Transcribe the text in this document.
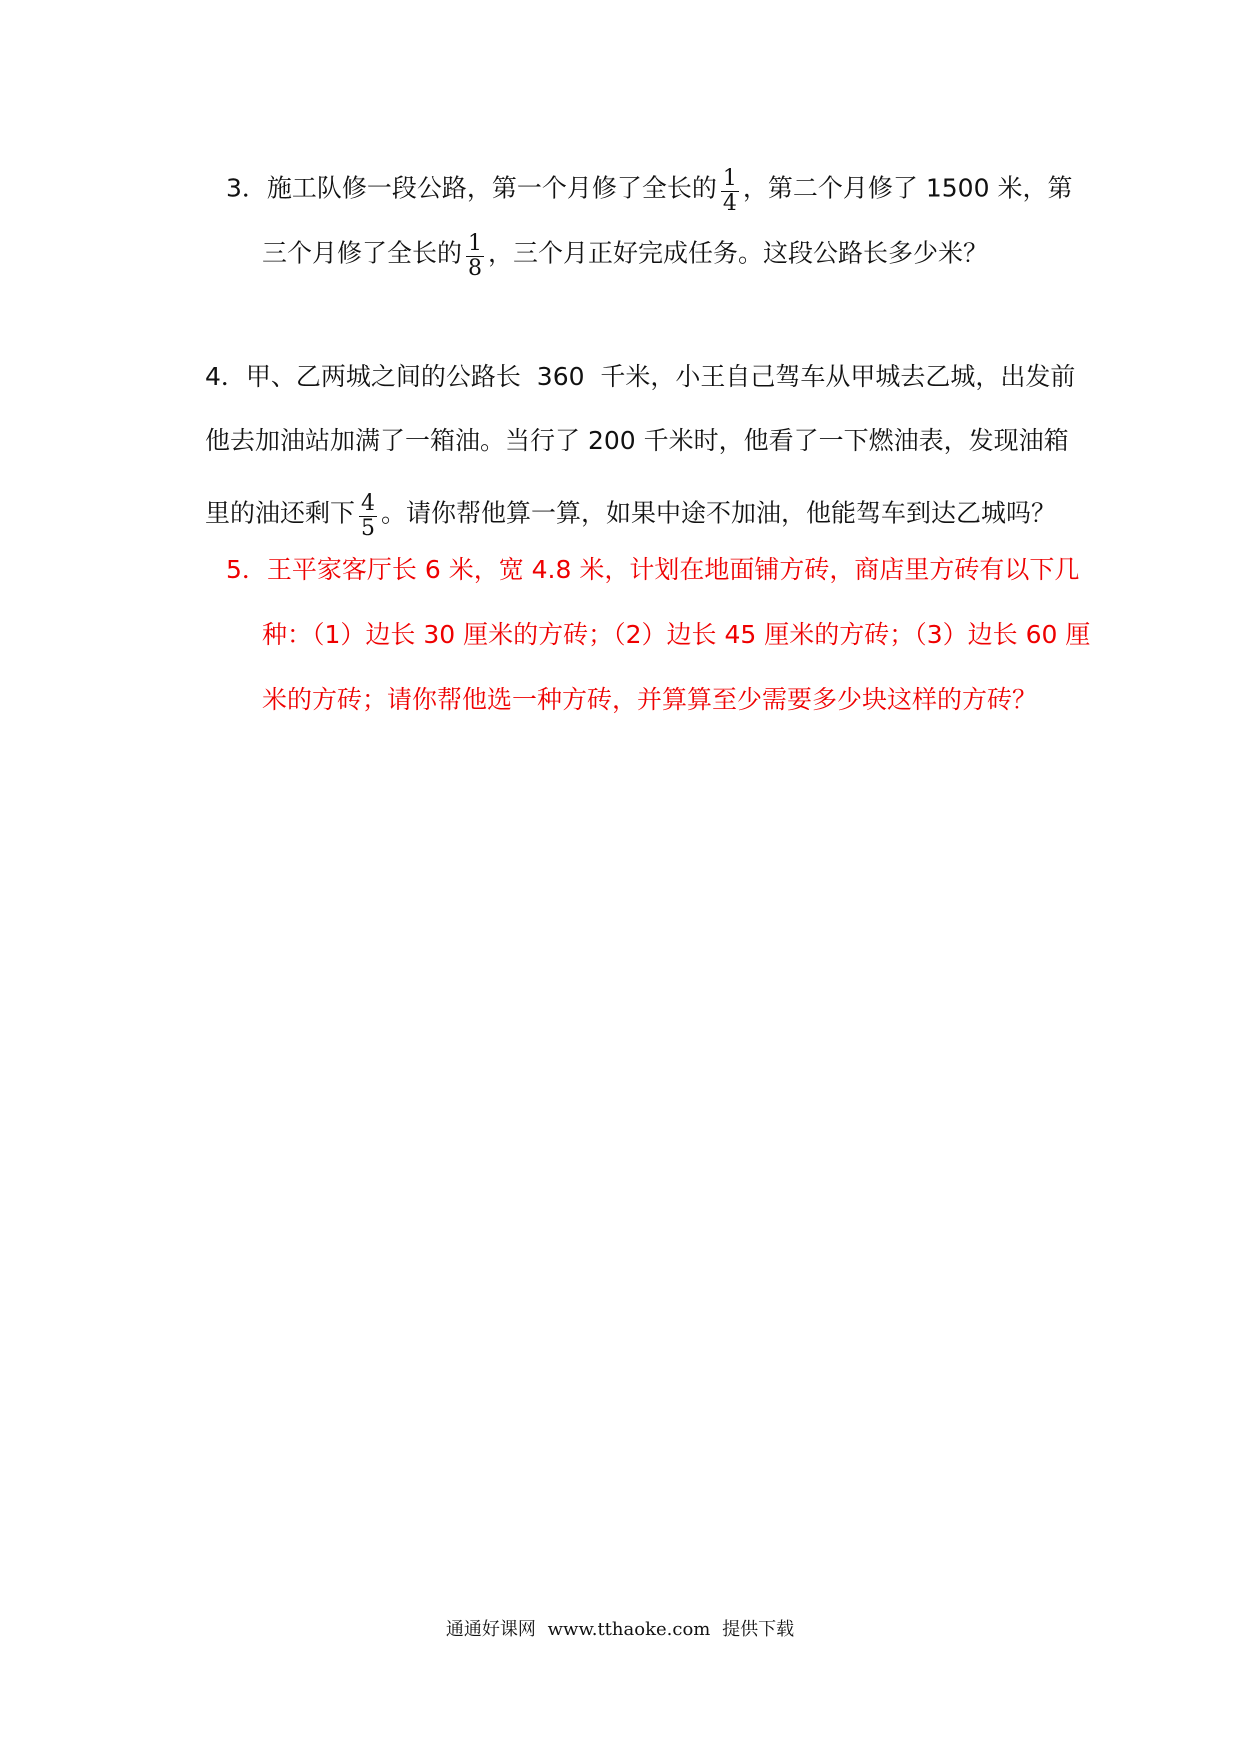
3．施工队修一段公路，第一个月修了全长的 $\frac{1}{4}$ ，第二个月修了 1500 米，第
三个月修了全长的 $\frac{1}{8}$ ，三个月正好完成任务。这段公路长多少米？
4．甲、乙两城之间的公路长  360  千米，小王自己驾车从甲城去乙城，出发前
他去加油站加满了一箱油。当行了 200 千米时，他看了一下燃油表，发现油箱
里的油还剩下 $\frac{4}{5}$ 。请你帮他算一算，如果中途不加油，他能驾车到达乙城吗？
5．王平家客厅长 6 米，宽 4.8 米，计划在地面铺方砖，商店里方砖有以下几
种：（1）边长 30 厘米的方砖；（2）边长 45 厘米的方砖；（3）边长 60 厘
米的方砖；请你帮他选一种方砖，并算算至少需要多少块这样的方砖？
通通好课网 www.tthaoke.com 提供下载
